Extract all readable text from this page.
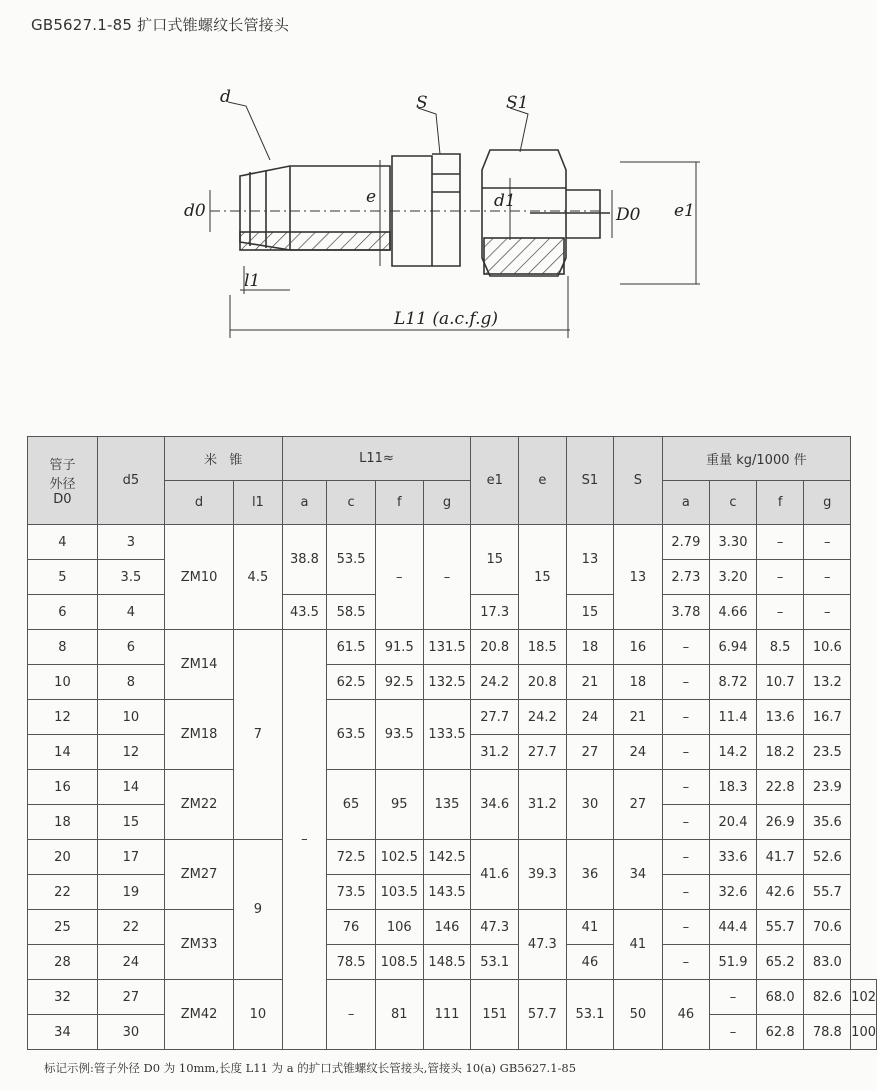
GB5627.1-85 扩口式锥螺纹长管接头
d	S	S1
d0
e	d1
D0 e1
l1
L11 (a.c.f.g)
管子
外径
D0	d5	米   锥		L11≈				e1	e	S1	S	重量 kg/1000 件				
		d	l1	a	c	f	g					a	c	f	g	
4	3	ZM10	4.5	38.8	53.5	–	–	15	15	13	13	2.79	3.30	–	–	
5	3.5											2.73	3.20	–	–	
6	4			43.5	58.5			17.3		15		3.78	4.66	–	–	
8	6	ZM14	7	–	61.5	91.5	131.5	20.8	18.5	18	16	–	6.94	8.5	10.6	
10	8				62.5	92.5	132.5	24.2	20.8	21	18	–	8.72	10.7	13.2	
12	10	ZM18			63.5	93.5	133.5	27.7	24.2	24	21	–	11.4	13.6	16.7	
14	12							31.2	27.7	27	24	–	14.2	18.2	23.5	
16	14	ZM22			65	95	135	34.6	31.2	30	27	–	18.3	22.8	23.9	
18	15											–	20.4	26.9	35.6	
20	17	ZM27	9		72.5	102.5	142.5	41.6	39.3	36	34	–	33.6	41.7	52.6	
22	19				73.5	103.5	143.5					–	32.6	42.6	55.7	
25	22	ZM33			76	106	146	47.3	47.3	41	41	–	44.4	55.7	70.6	
28	24				78.5	108.5	148.5	53.1		46		–	51.9	65.2	83.0	
32	27	ZM42	10		–	81	111	151	57.7	53.1	50	46	–	68.0	82.6	102
34	30												–	62.8	78.8	100
标记示例:管子外径 D0 为 10mm,长度 L11 为 a 的扩口式锥螺纹长管接头,管接头 10(a) GB5627.1-85
